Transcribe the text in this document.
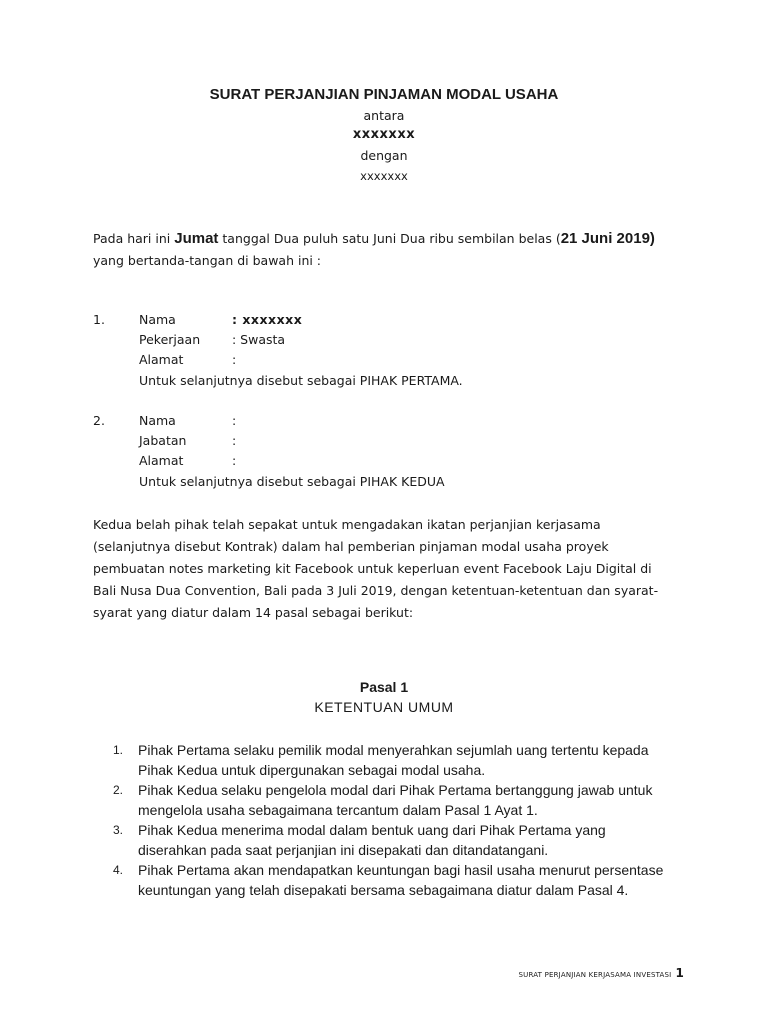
SURAT PERJANJIAN PINJAMAN MODAL USAHA
antara
xxxxxxx
dengan
xxxxxxx
Pada hari ini Jumat tanggal Dua puluh satu Juni Dua ribu sembilan belas (21 Juni 2019)
yang bertanda-tangan di bawah ini :
1.	Nama	: xxxxxxx
Pekerjaan	: Swasta
Alamat	:
Untuk selanjutnya disebut sebagai PIHAK PERTAMA.
2.	Nama	:
Jabatan	:
Alamat	:
Untuk selanjutnya disebut sebagai PIHAK KEDUA
Kedua belah pihak telah sepakat untuk mengadakan ikatan perjanjian kerjasama (selanjutnya disebut Kontrak) dalam hal pemberian pinjaman modal usaha proyek pembuatan notes marketing kit Facebook untuk keperluan event Facebook Laju Digital di Bali Nusa Dua Convention, Bali pada 3 Juli 2019, dengan ketentuan-ketentuan dan syarat-syarat yang diatur dalam 14 pasal sebagai berikut:
Pasal 1
KETENTUAN UMUM
1. Pihak Pertama selaku pemilik modal menyerahkan sejumlah uang tertentu kepada Pihak Kedua untuk dipergunakan sebagai modal usaha.
2. Pihak Kedua selaku pengelola modal dari Pihak Pertama bertanggung jawab untuk mengelola usaha sebagaimana tercantum dalam Pasal 1 Ayat 1.
3. Pihak Kedua menerima modal dalam bentuk uang dari Pihak Pertama yang diserahkan pada saat perjanjian ini disepakati dan ditandatangani.
4. Pihak Pertama akan mendapatkan keuntungan bagi hasil usaha menurut persentase keuntungan yang telah disepakati bersama sebagaimana diatur dalam Pasal 4.
SURAT PERJANJIAN KERJASAMA INVESTASI 1
